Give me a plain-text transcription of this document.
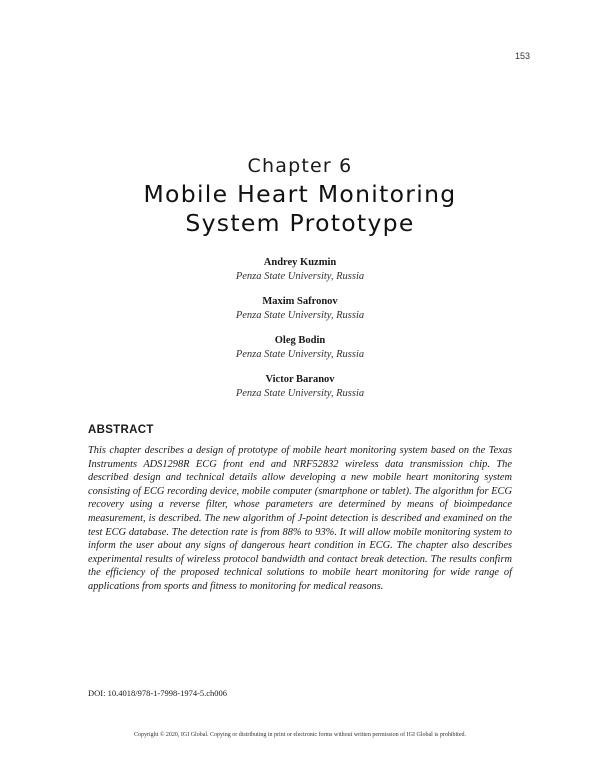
153
Chapter 6
Mobile Heart Monitoring
System Prototype
Andrey Kuzmin
Penza State University, Russia
Maxim Safronov
Penza State University, Russia
Oleg Bodin
Penza State University, Russia
Victor Baranov
Penza State University, Russia
ABSTRACT

This chapter describes a design of prototype of mobile heart monitoring system based on the Texas Instruments ADS1298R ECG front end and NRF52832 wireless data transmission chip. The described design and technical details allow developing a new mobile heart monitoring system consisting of ECG recording device, mobile computer (smartphone or tablet). The algorithm for ECG recovery using a reverse filter, whose parameters are determined by means of bioimpedance measurement, is described. The new algorithm of J-point detection is described and examined on the test ECG database. The detection rate is from 88% to 93%. It will allow mobile monitoring system to inform the user about any signs of dangerous heart condition in ECG. The chapter also describes experimental results of wireless protocol bandwidth and contact break detection. The results confirm the efficiency of the proposed technical solutions to mobile heart monitoring for wide range of applications from sports and fitness to monitoring for medical reasons.

DOI: 10.4018/978-1-7998-1974-5.ch006
Copyright © 2020, IGI Global. Copying or distributing in print or electronic forms without written permission of IGI Global is prohibited.
